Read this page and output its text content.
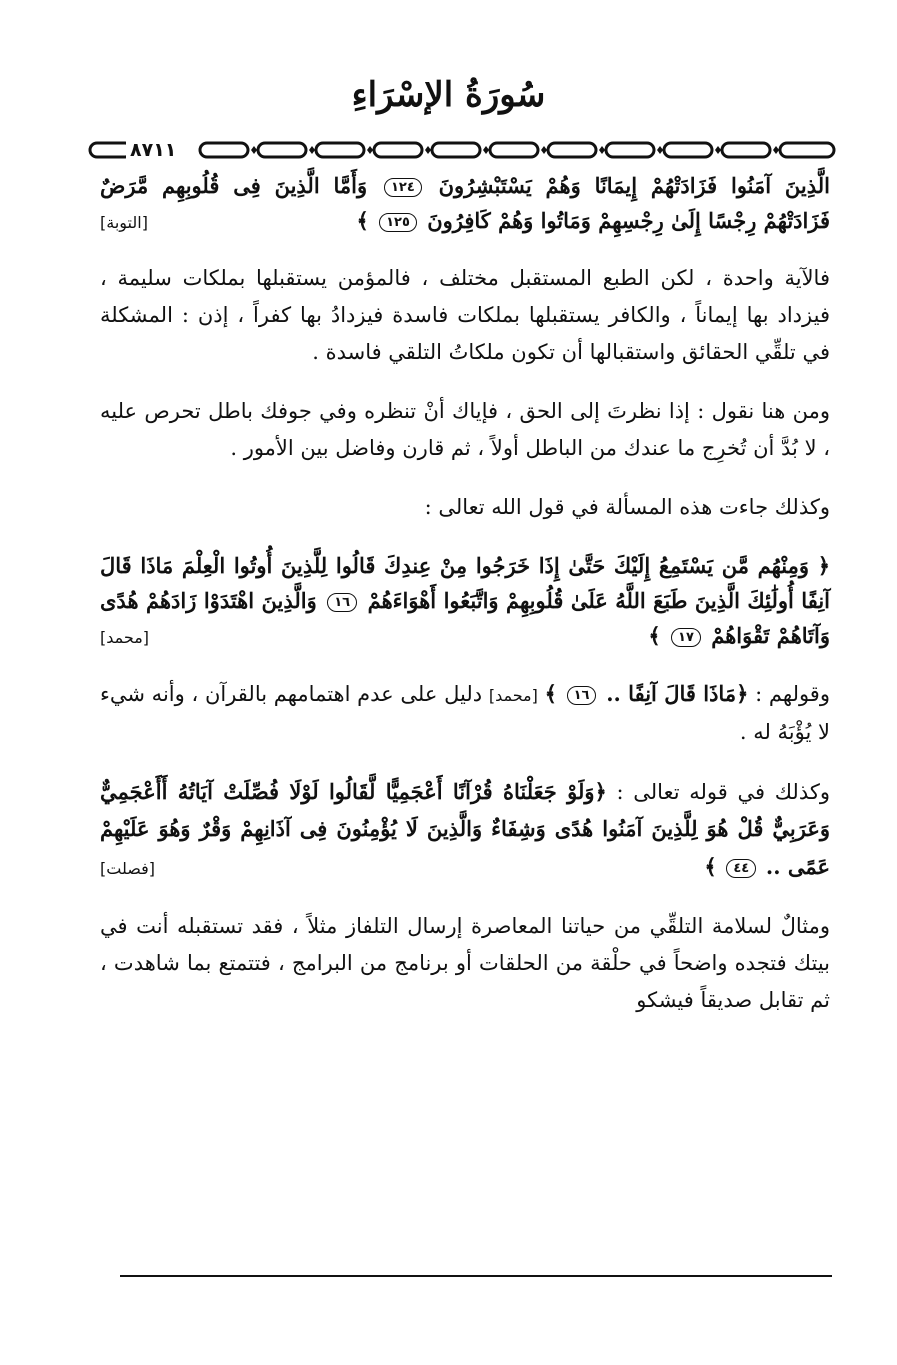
سُورَةُ الإسْرَاءِ
٨٧١١
الَّذِينَ آمَنُوا فَزَادَتْهُمْ إِيمَانًا وَهُمْ يَسْتَبْشِرُونَ ١٢٤ وَأَمَّا الَّذِينَ فِى قُلُوبِهِم مَّرَضٌ فَزَادَتْهُمْ رِجْسًا إِلَىٰ رِجْسِهِمْ وَمَاتُوا وَهُمْ كَافِرُونَ ١٢٥ ﴾
[التوبة]
فالآية واحدة ، لكن الطبع المستقبل مختلف ، فالمؤمن يستقبلها بملكات سليمة ، فيزداد بها إيماناً ، والكافر يستقبلها بملكات فاسدة فيزدادُ بها كفراً ، إذن : المشكلة في تلقِّي الحقائق واستقبالها أن تكون ملكاتُ التلقي فاسدة .
ومن هنا نقول : إذا نظرتَ إلى الحق ، فإياك أنْ تنظره وفي جوفك باطل تحرص عليه ، لا بُدَّ أن تُخرِج ما عندك من الباطل أولاً ، ثم قارن وفاضل بين الأمور .
وكذلك جاءت هذه المسألة في قول الله تعالى :
﴿ وَمِنْهُم مَّن يَسْتَمِعُ إِلَيْكَ حَتَّىٰ إِذَا خَرَجُوا مِنْ عِندِكَ قَالُوا لِلَّذِينَ أُوتُوا الْعِلْمَ مَاذَا قَالَ آنِفًا أُولَٰئِكَ الَّذِينَ طَبَعَ اللَّهُ عَلَىٰ قُلُوبِهِمْ وَاتَّبَعُوا أَهْوَاءَهُمْ ١٦ وَالَّذِينَ اهْتَدَوْا زَادَهُمْ هُدًى وَآتَاهُمْ تَقْوَاهُمْ ١٧ ﴾
[محمد]
وقولهم : ﴿مَاذَا قَالَ آنِفًا .. ١٦ ﴾ [محمد] دليل على عدم اهتمامهم بالقرآن ، وأنه شيء لا يُؤْبَهُ له .
وكذلك في قوله تعالى : ﴿وَلَوْ جَعَلْنَاهُ قُرْآنًا أَعْجَمِيًّا لَّقَالُوا لَوْلَا فُصِّلَتْ آيَاتُهُ أَأَعْجَمِيٌّ وَعَرَبِيٌّ قُلْ هُوَ لِلَّذِينَ آمَنُوا هُدًى وَشِفَاءٌ وَالَّذِينَ لَا يُؤْمِنُونَ فِى آذَانِهِمْ وَقْرٌ وَهُوَ عَلَيْهِمْ عَمًى .. ٤٤ ﴾
[فصلت]
ومثالٌ لسلامة التلقِّي من حياتنا المعاصرة إرسال التلفاز مثلاً ، فقد تستقبله أنت في بيتك فتجده واضحاً في حلْقة من الحلقات أو برنامج من البرامج ، فتتمتع بما شاهدت ، ثم تقابل صديقاً فيشكو
